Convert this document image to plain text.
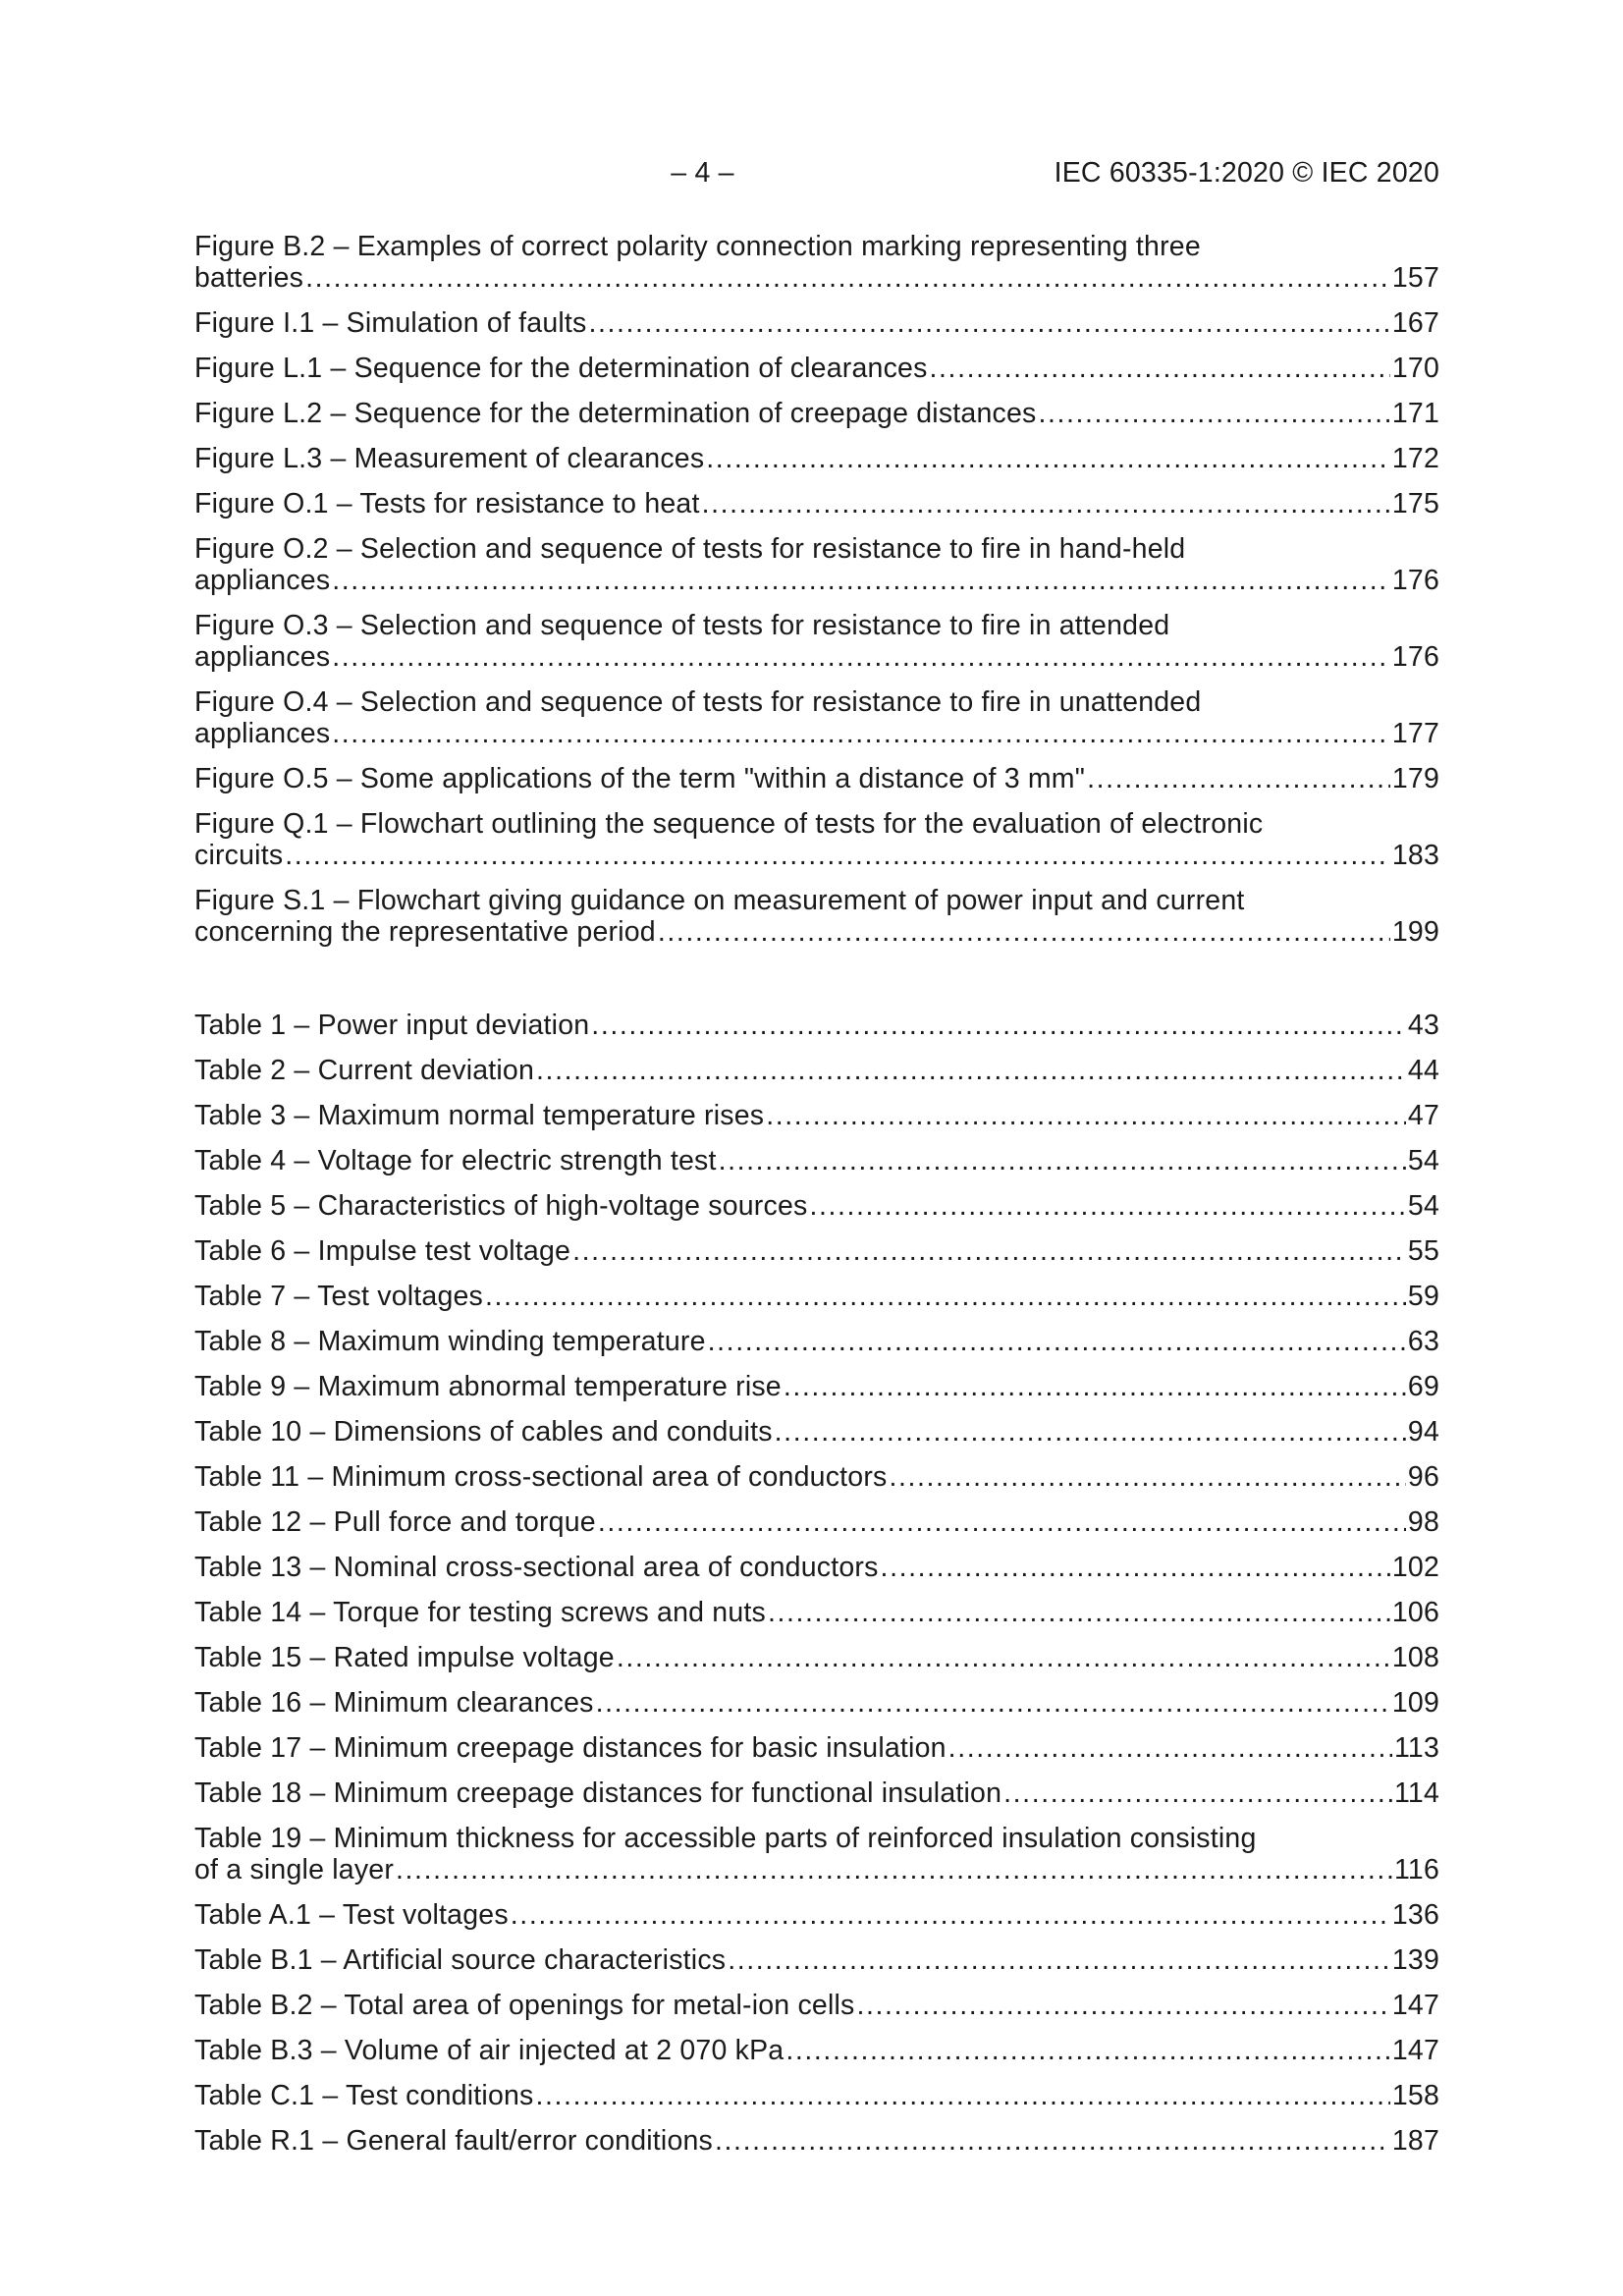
– 4 –	IEC 60335-1:2020 © IEC 2020
Figure B.2 – Examples of correct polarity connection marking representing three
batteries .....	157
Figure I.1 – Simulation of faults .....	167
Figure L.1 – Sequence for the determination of clearances .....	170
Figure L.2 – Sequence for the determination of creepage distances .....	171
Figure L.3 – Measurement of clearances .....	172
Figure O.1 – Tests for resistance to heat .....	175
Figure O.2 – Selection and sequence of tests for resistance to fire in hand-held
appliances .....	176
Figure O.3 – Selection and sequence of tests for resistance to fire in attended
appliances .....	176
Figure O.4 – Selection and sequence of tests for resistance to fire in unattended
appliances .....	177
Figure O.5 – Some applications of the term "within a distance of 3 mm" .....	179
Figure Q.1 – Flowchart outlining the sequence of tests for the evaluation of electronic
circuits .....	183
Figure S.1 – Flowchart giving guidance on measurement of power input and current
concerning the representative period .....	199
Table 1 – Power input deviation .....	43
Table 2 – Current deviation .....	44
Table 3 – Maximum normal temperature rises .....	47
Table 4 – Voltage for electric strength test .....	54
Table 5 – Characteristics of high-voltage sources .....	54
Table 6 – Impulse test voltage .....	55
Table 7 – Test voltages .....	59
Table 8 – Maximum winding temperature .....	63
Table 9 – Maximum abnormal temperature rise .....	69
Table 10 – Dimensions of cables and conduits .....	94
Table 11 – Minimum cross-sectional area of conductors .....	96
Table 12 – Pull force and torque .....	98
Table 13 – Nominal cross-sectional area of conductors .....	102
Table 14 – Torque for testing screws and nuts .....	106
Table 15 – Rated impulse voltage .....	108
Table 16 – Minimum clearances .....	109
Table 17 – Minimum creepage distances for basic insulation .....	113
Table 18 – Minimum creepage distances for functional insulation .....	114
Table 19 – Minimum thickness for accessible parts of reinforced insulation consisting
of a single layer .....	116
Table A.1 – Test voltages .....	136
Table B.1 – Artificial source characteristics .....	139
Table B.2 – Total area of openings for metal-ion cells .....	147
Table B.3 – Volume of air injected at 2 070 kPa .....	147
Table C.1 – Test conditions .....	158
Table R.1 – General fault/error conditions .....	187
